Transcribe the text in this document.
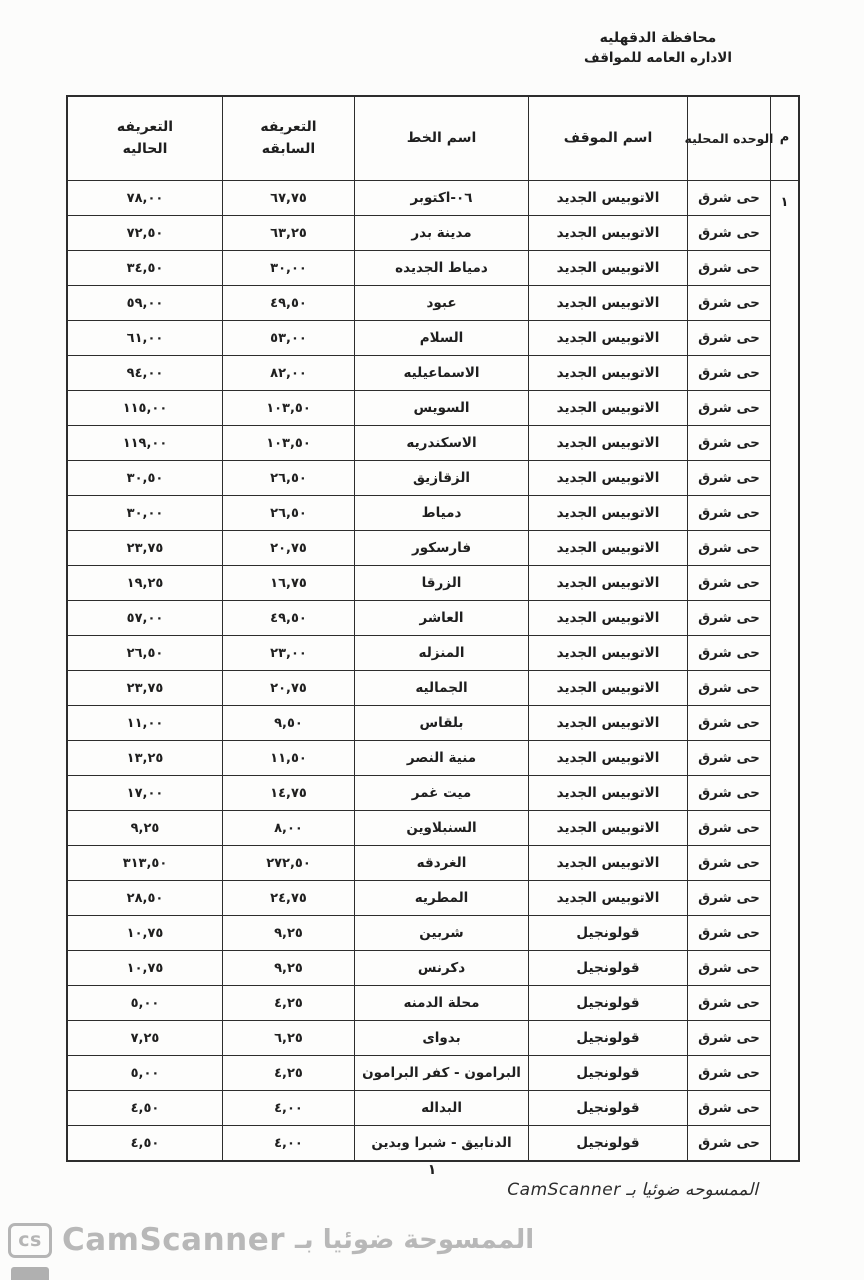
محافظة الدقهليه
الاداره العامه للمواقف
م
الوحده المحليه
اسم الموقف
اسم الخط
التعريفه السابقه
التعريفه الحاليه
١
حى شرق
الاتوبيس الجديد
٠٦-اكتوبر
٦٧,٧٥
٧٨,٠٠
حى شرق
الاتوبيس الجديد
مدينة بدر
٦٣,٢٥
٧٢,٥٠
حى شرق
الاتوبيس الجديد
دمياط الجديده
٣٠,٠٠
٣٤,٥٠
حى شرق
الاتوبيس الجديد
عبود
٤٩,٥٠
٥٩,٠٠
حى شرق
الاتوبيس الجديد
السلام
٥٣,٠٠
٦١,٠٠
حى شرق
الاتوبيس الجديد
الاسماعيليه
٨٢,٠٠
٩٤,٠٠
حى شرق
الاتوبيس الجديد
السويس
١٠٣,٥٠
١١٥,٠٠
حى شرق
الاتوبيس الجديد
الاسكندريه
١٠٣,٥٠
١١٩,٠٠
حى شرق
الاتوبيس الجديد
الزقازيق
٢٦,٥٠
٣٠,٥٠
حى شرق
الاتوبيس الجديد
دمياط
٢٦,٥٠
٣٠,٠٠
حى شرق
الاتوبيس الجديد
فارسكور
٢٠,٧٥
٢٣,٧٥
حى شرق
الاتوبيس الجديد
الزرقا
١٦,٧٥
١٩,٢٥
حى شرق
الاتوبيس الجديد
العاشر
٤٩,٥٠
٥٧,٠٠
حى شرق
الاتوبيس الجديد
المنزله
٢٣,٠٠
٢٦,٥٠
حى شرق
الاتوبيس الجديد
الجماليه
٢٠,٧٥
٢٣,٧٥
حى شرق
الاتوبيس الجديد
بلقاس
٩,٥٠
١١,٠٠
حى شرق
الاتوبيس الجديد
منية النصر
١١,٥٠
١٣,٢٥
حى شرق
الاتوبيس الجديد
ميت غمر
١٤,٧٥
١٧,٠٠
حى شرق
الاتوبيس الجديد
السنبلاوين
٨,٠٠
٩,٢٥
حى شرق
الاتوبيس الجديد
الغردقه
٢٧٢,٥٠
٣١٣,٥٠
حى شرق
الاتوبيس الجديد
المطريه
٢٤,٧٥
٢٨,٥٠
حى شرق
قولونجيل
شربين
٩,٢٥
١٠,٧٥
حى شرق
قولونجيل
دكرنس
٩,٢٥
١٠,٧٥
حى شرق
قولونجيل
محلة الدمنه
٤,٢٥
٥,٠٠
حى شرق
قولونجيل
بدواى
٦,٢٥
٧,٢٥
حى شرق
قولونجيل
البرامون - كفر البرامون
٤,٢٥
٥,٠٠
حى شرق
قولونجيل
البداله
٤,٠٠
٤,٥٠
حى شرق
قولونجيل
الدنابيق - شبرا وبدين
٤,٠٠
٤,٥٠
١
الممسوحه ضوئيا بـ CamScanner
cs CamScanner الممسوحة ضوئيا بـ
